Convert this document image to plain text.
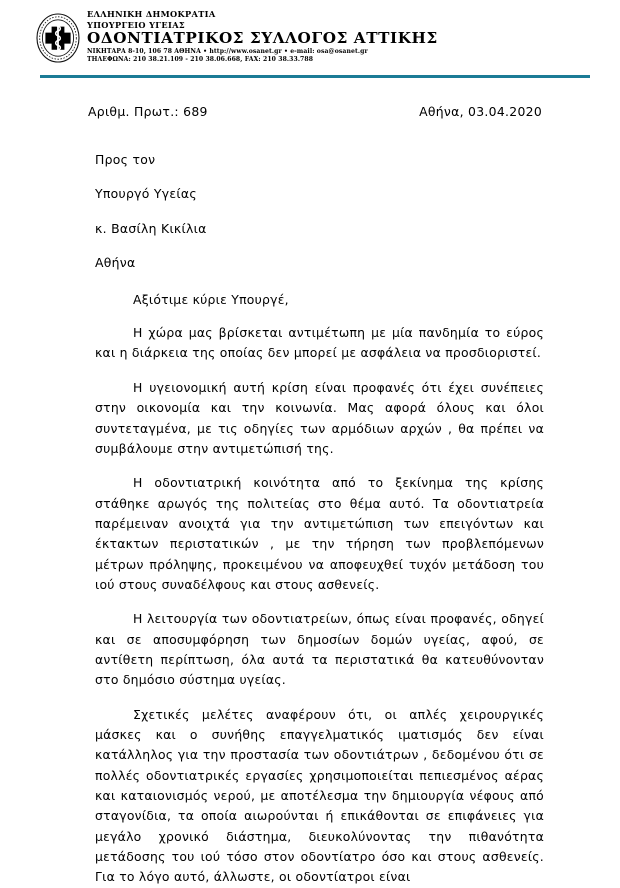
ΕΛΛΗΝΙΚΗ ΔΗΜΟΚΡΑΤΙΑ
ΥΠΟΥΡΓΕΙΟ ΥΓΕΙΑΣ
ΟΔΟΝΤΙΑΤΡΙΚΟΣ ΣΥΛΛΟΓΟΣ ΑΤΤΙΚΗΣ
ΝΙΚΗΤΑΡΑ 8-10, 106 78 ΑΘΗΝΑ • http://www.osanet.gr • e-mail: osa@osanet.gr
ΤΗΛΕΦΩΝΑ: 210 38.21.109 - 210 38.06.668, FAX: 210 38.33.788
Αριθμ. Πρωτ.: 689	Αθήνα, 03.04.2020
Προς τον
Υπουργό Υγείας
κ. Βασίλη Κικίλια
Αθήνα

Αξιότιμε κύριε Υπουργέ,

Η χώρα μας βρίσκεται αντιμέτωπη με μία πανδημία το εύρος και η διάρκεια της οποίας δεν μπορεί με ασφάλεια να προσδιοριστεί.

Η υγειονομική αυτή κρίση είναι προφανές ότι έχει συνέπειες στην οικονομία και την κοινωνία. Μας αφορά όλους και όλοι συντεταγμένα, με τις οδηγίες των αρμόδιων αρχών , θα πρέπει να συμβάλουμε στην αντιμετώπισή της.

Η οδοντιατρική κοινότητα από το ξεκίνημα της κρίσης στάθηκε αρωγός της πολιτείας στο θέμα αυτό. Τα οδοντιατρεία παρέμειναν ανοιχτά για την αντιμετώπιση των επειγόντων και έκτακτων περιστατικών , με την τήρηση των προβλεπόμενων μέτρων πρόληψης, προκειμένου να αποφευχθεί τυχόν μετάδοση του ιού στους συναδέλφους και στους ασθενείς.

Η λειτουργία των οδοντιατρείων, όπως είναι προφανές, οδηγεί και σε αποσυμφόρηση των δημοσίων δομών υγείας, αφού, σε αντίθετη περίπτωση, όλα αυτά τα περιστατικά θα κατευθύνονταν στο δημόσιο σύστημα υγείας.

Σχετικές μελέτες αναφέρουν ότι, οι απλές χειρουργικές μάσκες και ο συνήθης επαγγελματικός ιματισμός δεν είναι κατάλληλος για την προστασία των οδοντιάτρων , δεδομένου ότι σε πολλές οδοντιατρικές εργασίες χρησιμοποιείται πεπιεσμένος αέρας και καταιονισμός νερού, με αποτέλεσμα την δημιουργία νέφους από σταγονίδια, τα οποία αιωρούνται ή επικάθονται σε επιφάνειες για μεγάλο χρονικό διάστημα, διευκολύνοντας την πιθανότητα μετάδοσης του ιού τόσο στον οδοντίατρο όσο και στους ασθενείς. Για το λόγο αυτό, άλλωστε, οι οδοντίατροι είναι
